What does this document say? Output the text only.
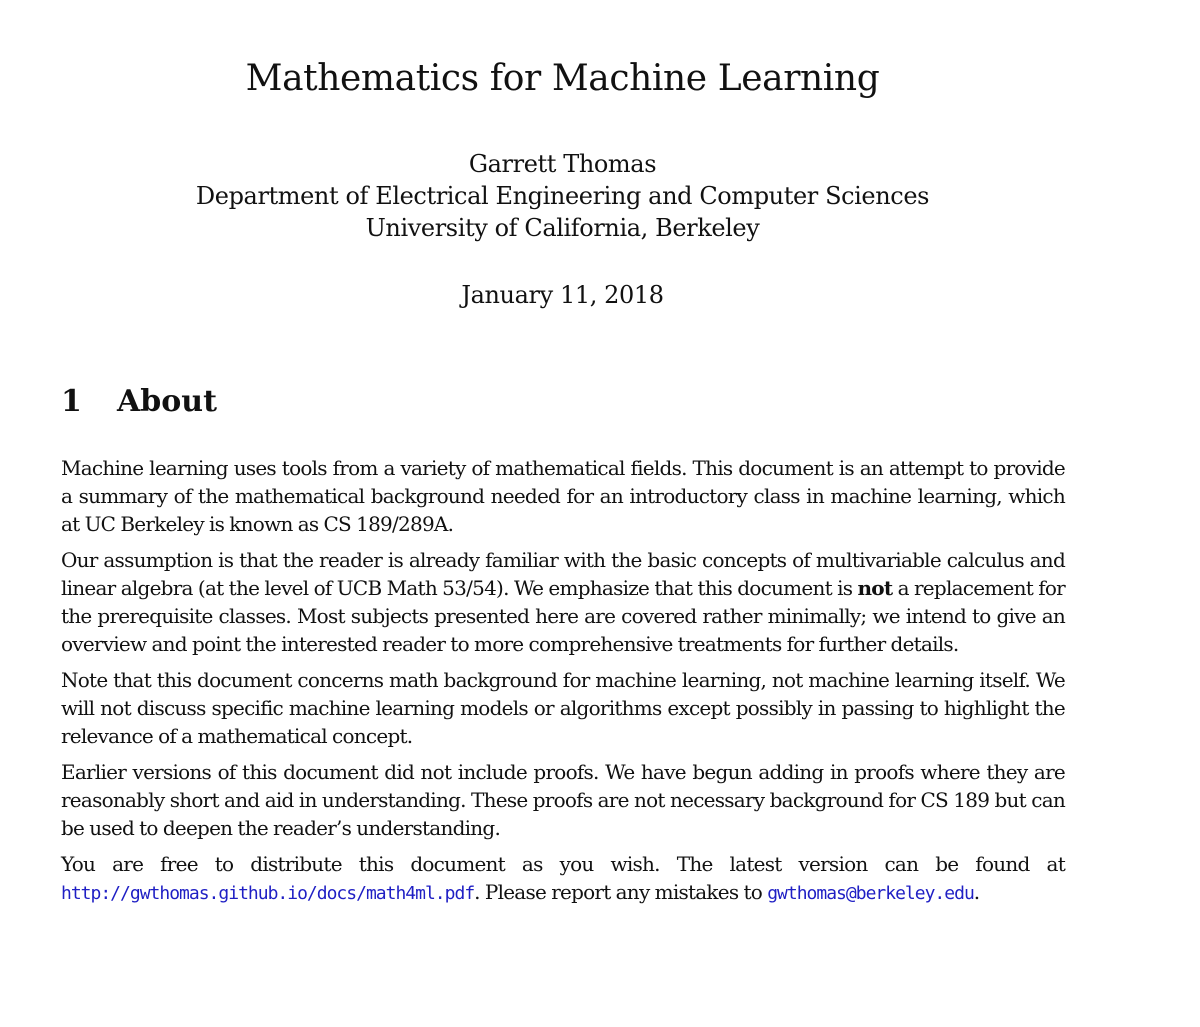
Mathematics for Machine Learning
Garrett Thomas
Department of Electrical Engineering and Computer Sciences
University of California, Berkeley
January 11, 2018
1 About

Machine learning uses tools from a variety of mathematical fields. This document is an attempt to provide a summary of the mathematical background needed for an introductory class in machine learning, which at UC Berkeley is known as CS 189/289A.

Our assumption is that the reader is already familiar with the basic concepts of multivariable calculus and linear algebra (at the level of UCB Math 53/54). We emphasize that this document is not a replacement for the prerequisite classes. Most subjects presented here are covered rather minimally; we intend to give an overview and point the interested reader to more comprehensive treatments for further details.

Note that this document concerns math background for machine learning, not machine learning itself. We will not discuss specific machine learning models or algorithms except possibly in passing to highlight the relevance of a mathematical concept.

Earlier versions of this document did not include proofs. We have begun adding in proofs where they are reasonably short and aid in understanding. These proofs are not necessary background for CS 189 but can be used to deepen the reader’s understanding.

You are free to distribute this document as you wish. The latest version can be found at http://gwthomas.github.io/docs/math4ml.pdf. Please report any mistakes to gwthomas@berkeley.edu.
